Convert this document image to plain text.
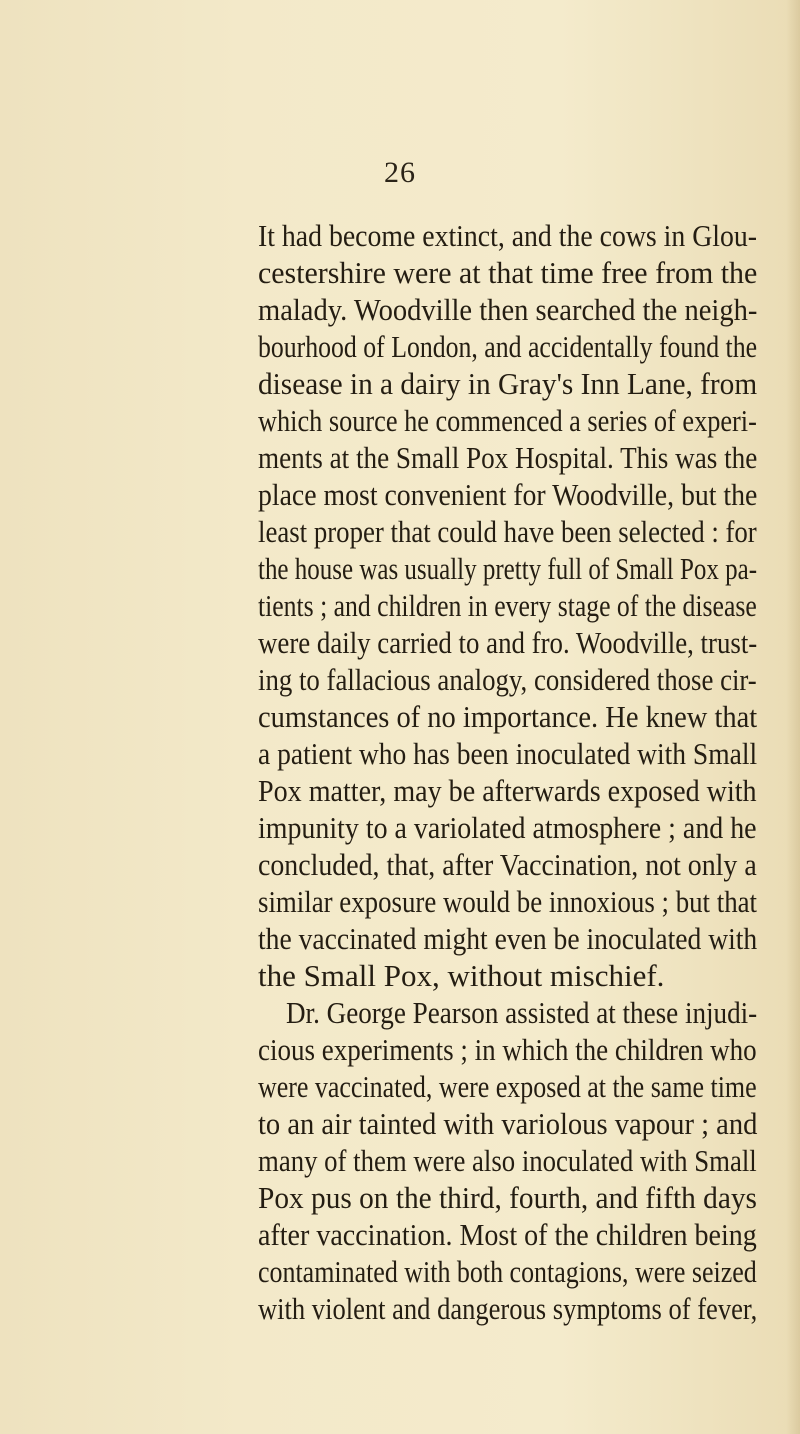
26
It had become extinct, and the cows in Glou-
cestershire were at that time free from the
malady. Woodville then searched the neigh-
bourhood of London, and accidentally found the
disease in a dairy in Gray's Inn Lane, from
which source he commenced a series of experi-
ments at the Small Pox Hospital. This was the
place most convenient for Woodville, but the
least proper that could have been selected : for
the house was usually pretty full of Small Pox pa-
tients ; and children in every stage of the disease
were daily carried to and fro. Woodville, trust-
ing to fallacious analogy, considered those cir-
cumstances of no importance. He knew that
a patient who has been inoculated with Small
Pox matter, may be afterwards exposed with
impunity to a variolated atmosphere ; and he
concluded, that, after Vaccination, not only a
similar exposure would be innoxious ; but that
the vaccinated might even be inoculated with
the Small Pox, without mischief.
Dr. George Pearson assisted at these injudi-
cious experiments ; in which the children who
were vaccinated, were exposed at the same time
to an air tainted with variolous vapour ; and
many of them were also inoculated with Small
Pox pus on the third, fourth, and fifth days
after vaccination. Most of the children being
contaminated with both contagions, were seized
with violent and dangerous symptoms of fever,
